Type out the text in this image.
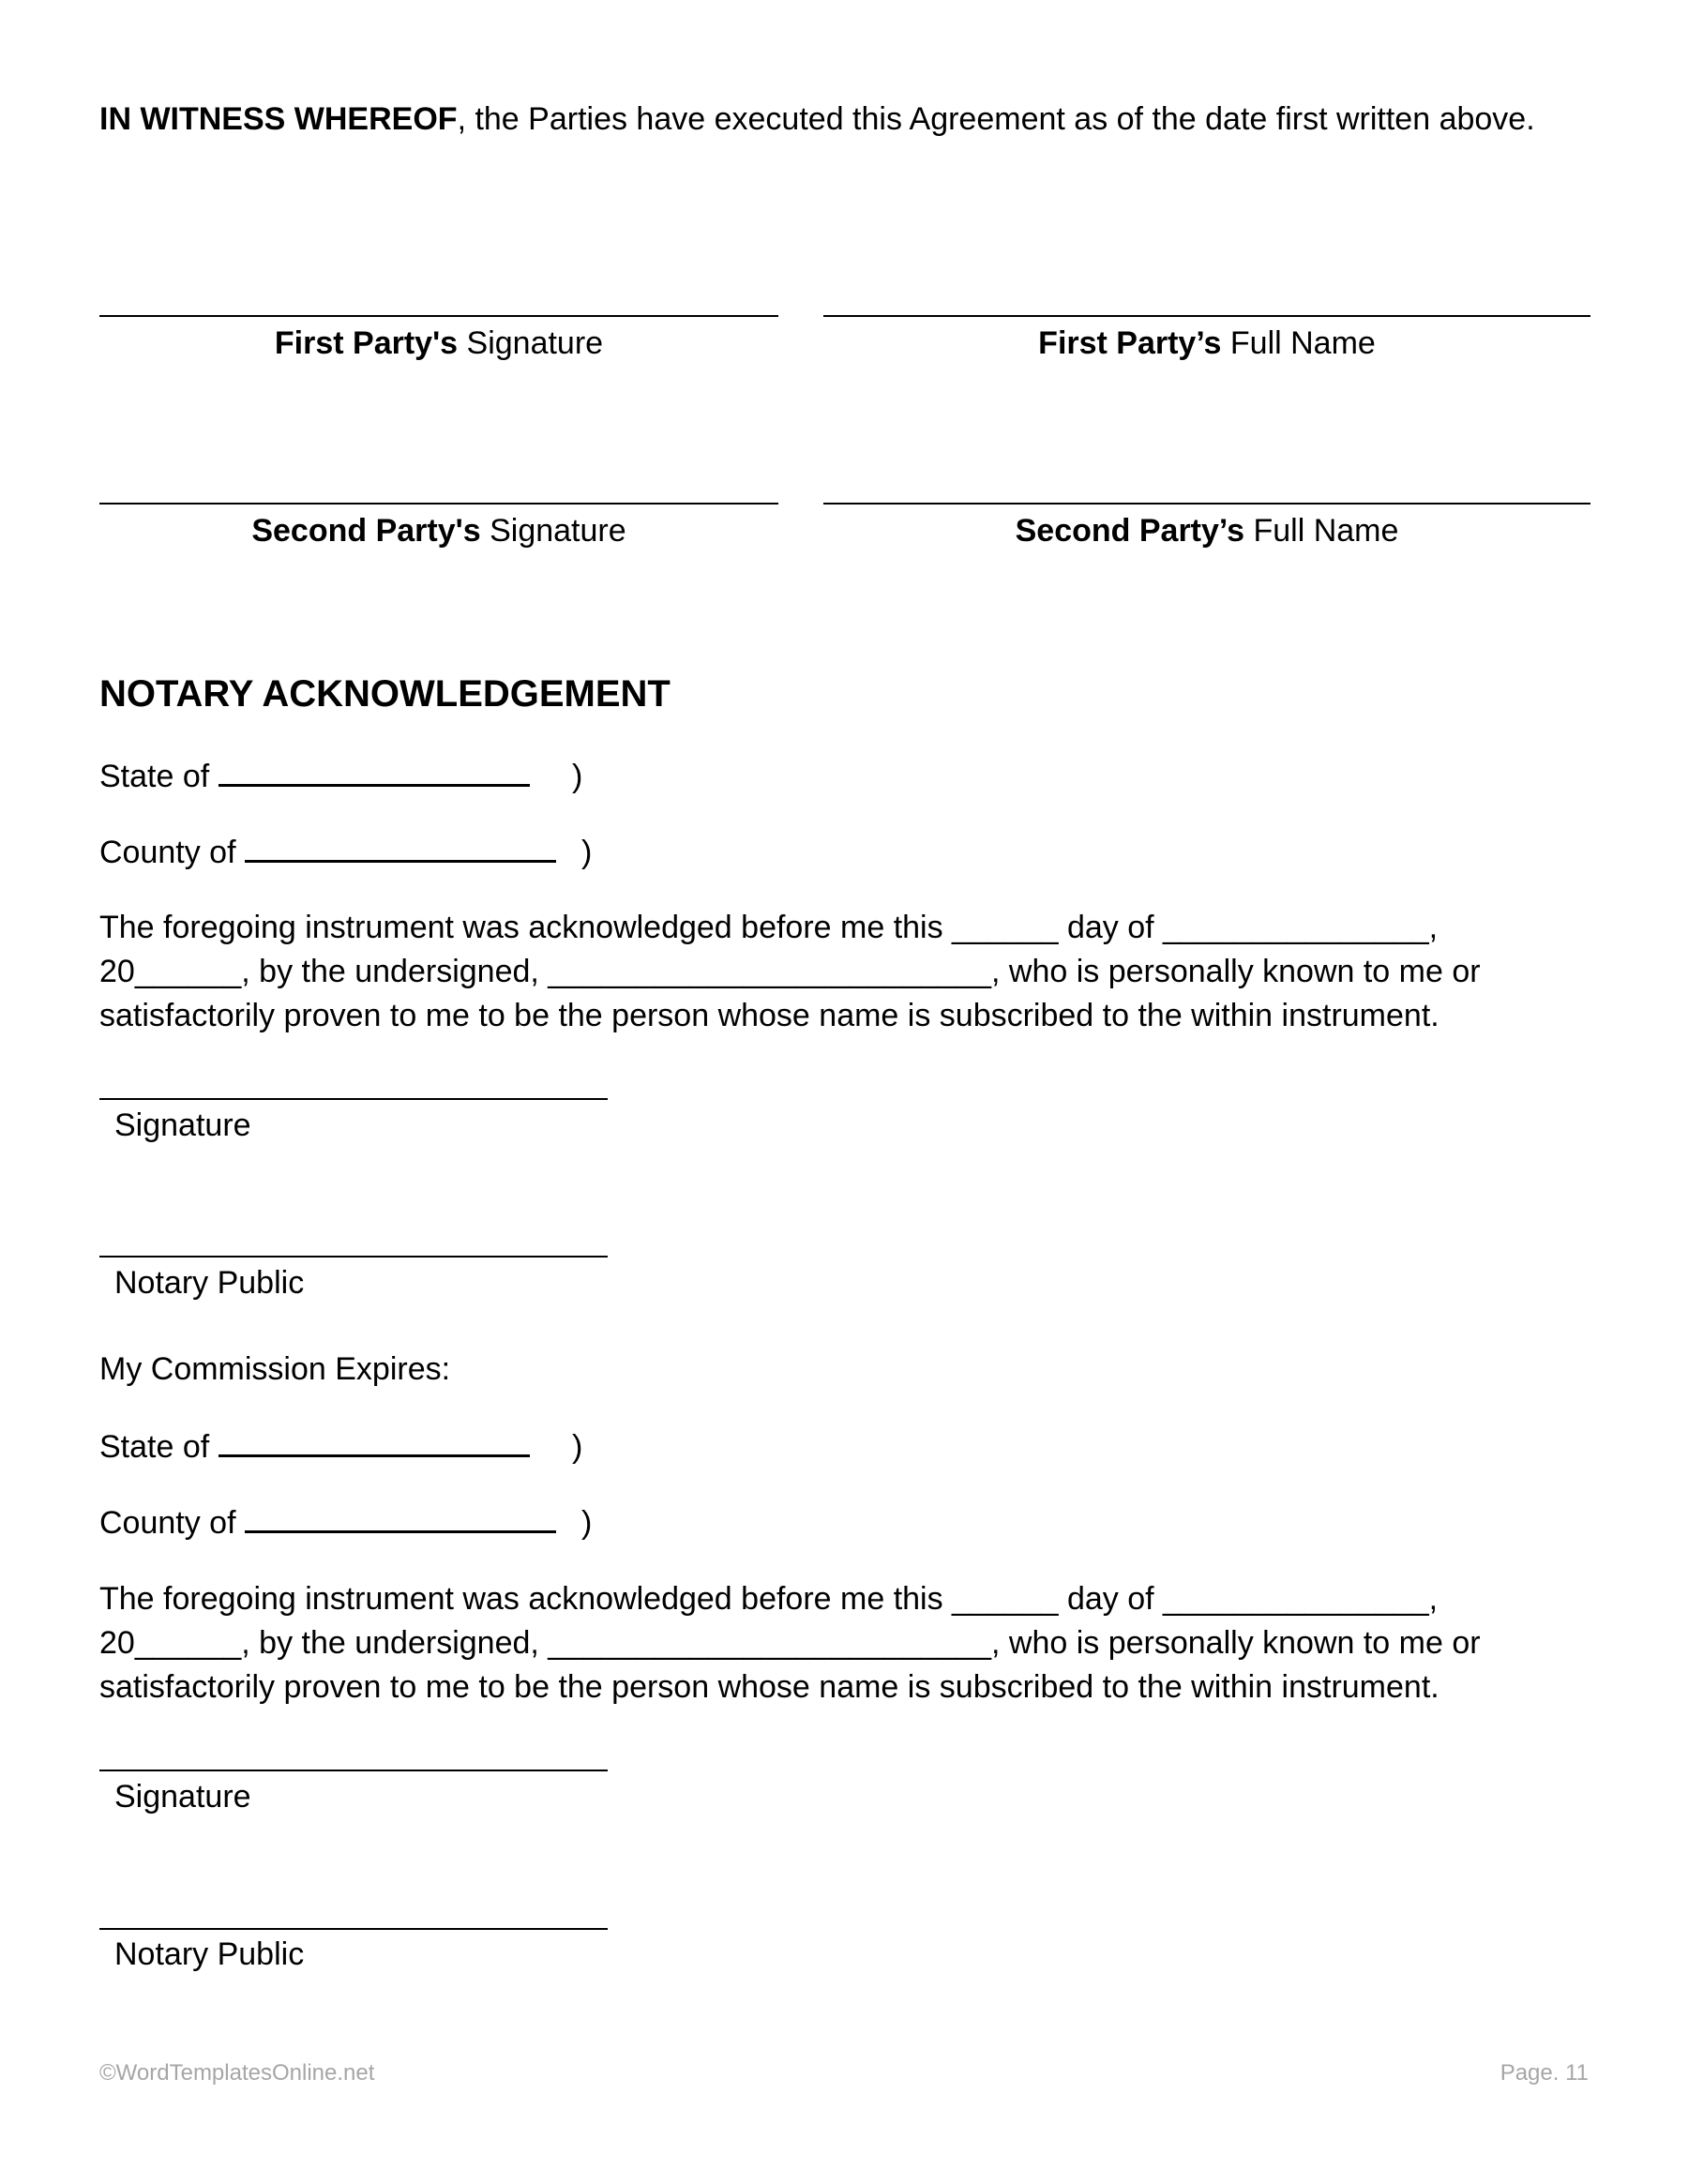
IN WITNESS WHEREOF, the Parties have executed this Agreement as of the date first written above.
First Party's Signature	First Party’s Full Name
Second Party's Signature	Second Party’s Full Name
NOTARY ACKNOWLEDGEMENT
State of	)
County of	)
The foregoing instrument was acknowledged before me this ______ day of _______________,
20______, by the undersigned, _________________________, who is personally known to me or
satisfactorily proven to me to be the person whose name is subscribed to the within instrument.
Signature
Notary Public
My Commission Expires:
State of	)
County of	)
The foregoing instrument was acknowledged before me this ______ day of _______________,
20______, by the undersigned, _________________________, who is personally known to me or
satisfactorily proven to me to be the person whose name is subscribed to the within instrument.
Signature
Notary Public
©WordTemplatesOnline.net	Page. 11
